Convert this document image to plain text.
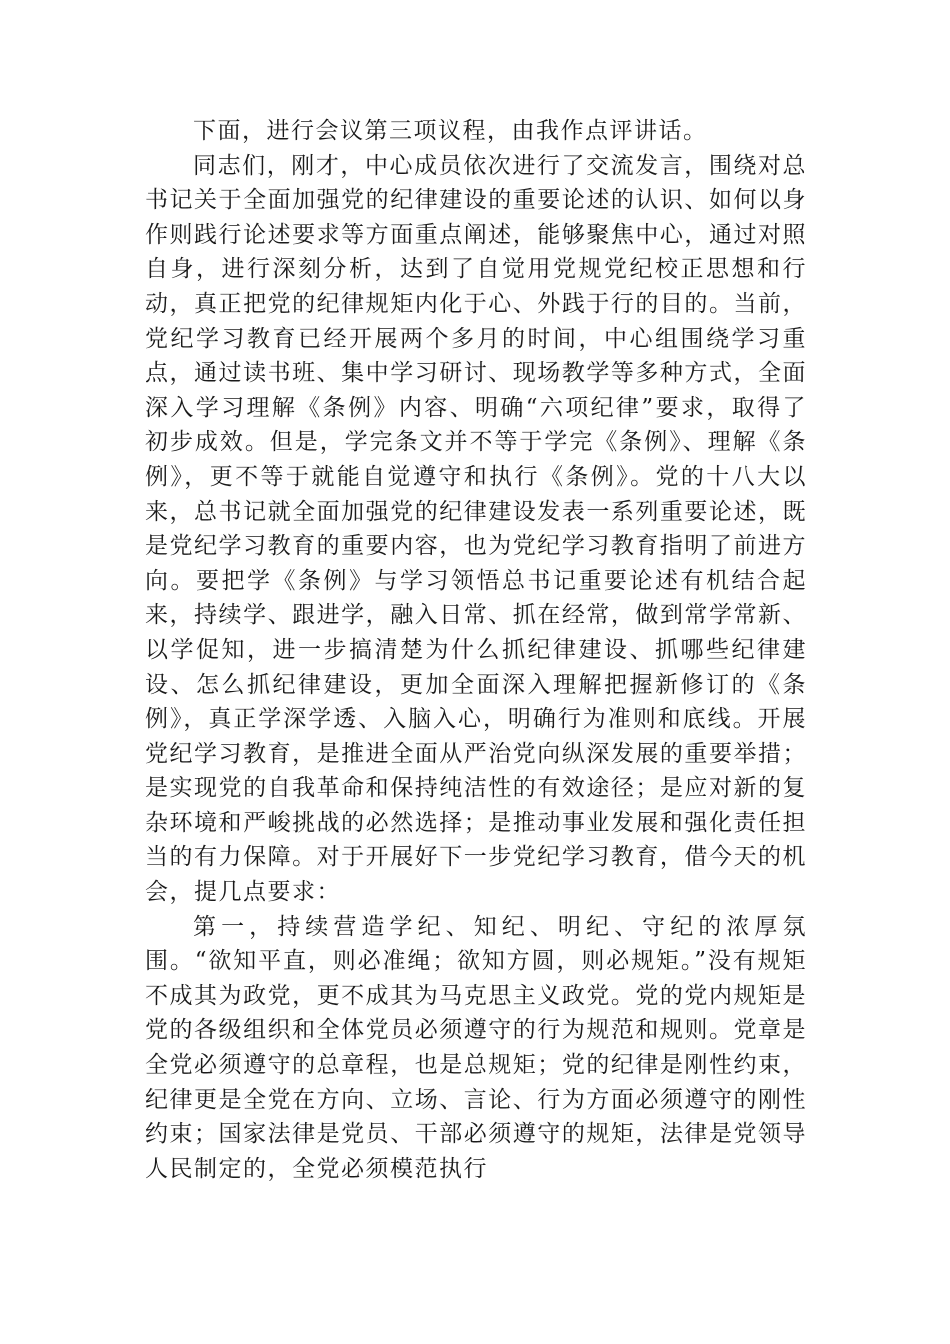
下面，进行会议第三项议程，由我作点评讲话。

同志们，刚才，中心成员依次进行了交流发言，围绕对总书记关于全面加强党的纪律建设的重要论述的认识、如何以身作则践行论述要求等方面重点阐述，能够聚焦中心，通过对照自身，进行深刻分析，达到了自觉用党规党纪校正思想和行动，真正把党的纪律规矩内化于心、外践于行的目的。当前，党纪学习教育已经开展两个多月的时间，中心组围绕学习重点，通过读书班、集中学习研讨、现场教学等多种方式，全面深入学习理解《条例》内容、明确“六项纪律”要求，取得了初步成效。但是，学完条文并不等于学完《条例》、理解《条例》，更不等于就能自觉遵守和执行《条例》。党的十八大以来，总书记就全面加强党的纪律建设发表一系列重要论述，既是党纪学习教育的重要内容，也为党纪学习教育指明了前进方向。要把学《条例》与学习领悟总书记重要论述有机结合起来，持续学、跟进学，融入日常、抓在经常，做到常学常新、以学促知，进一步搞清楚为什么抓纪律建设、抓哪些纪律建设、怎么抓纪律建设，更加全面深入理解把握新修订的《条例》，真正学深学透、入脑入心，明确行为准则和底线。开展党纪学习教育，是推进全面从严治党向纵深发展的重要举措；是实现党的自我革命和保持纯洁性的有效途径；是应对新的复杂环境和严峻挑战的必然选择；是推动事业发展和强化责任担当的有力保障。对于开展好下一步党纪学习教育，借今天的机会，提几点要求：

第一，持续营造学纪、知纪、明纪、守纪的浓厚氛围。“欲知平直，则必准绳；欲知方圆，则必规矩。”没有规矩不成其为政党，更不成其为马克思主义政党。党的党内规矩是党的各级组织和全体党员必须遵守的行为规范和规则。党章是全党必须遵守的总章程，也是总规矩；党的纪律是刚性约束，纪律更是全党在方向、立场、言论、行为方面必须遵守的刚性约束；国家法律是党员、干部必须遵守的规矩，法律是党领导人民制定的，全党必须模范执行
